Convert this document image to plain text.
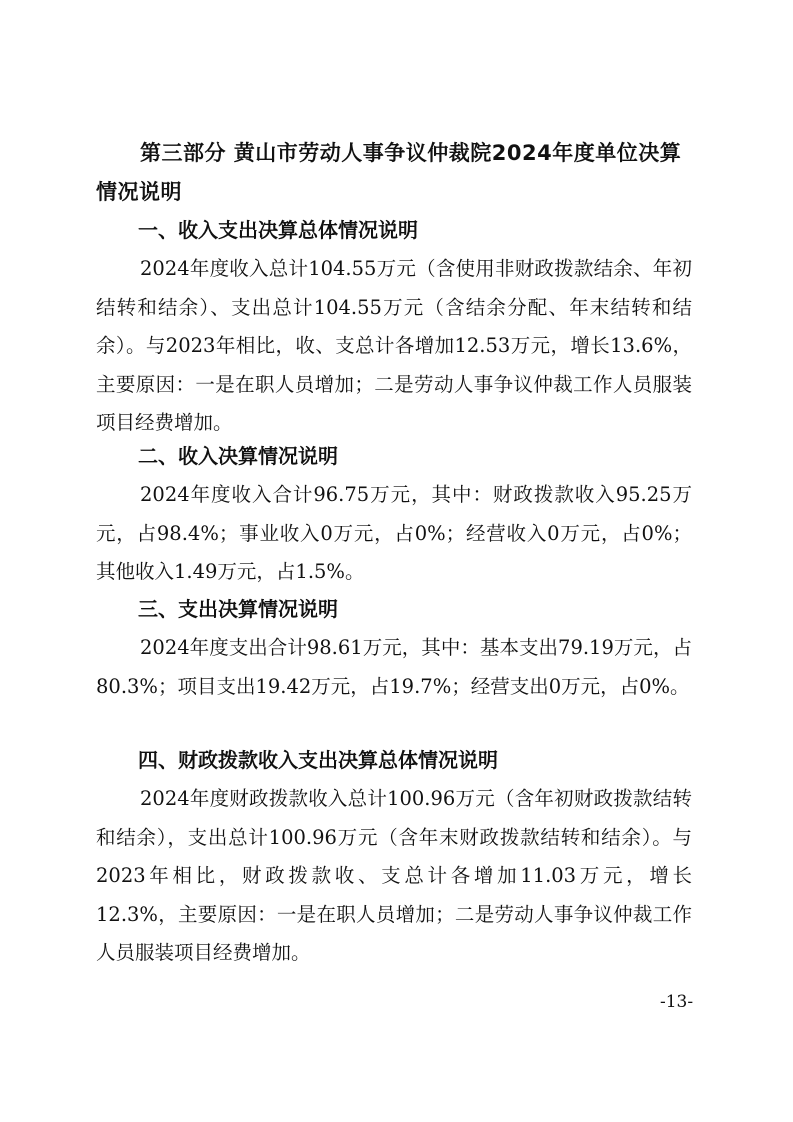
第三部分 黄山市劳动人事争议仲裁院2024年度单位决算情况说明
一、收入支出决算总体情况说明

2024年度收入总计104.55万元（含使用非财政拨款结余、年初结转和结余）、支出总计104.55万元（含结余分配、年末结转和结余）。与2023年相比，收、支总计各增加12.53万元，增长13.6%，主要原因：一是在职人员增加；二是劳动人事争议仲裁工作人员服装项目经费增加。

二、收入决算情况说明

2024年度收入合计96.75万元，其中：财政拨款收入95.25万元，占98.4%；事业收入0万元，占0%；经营收入0万元，占0%；其他收入1.49万元，占1.5%。

三、支出决算情况说明

2024年度支出合计98.61万元，其中：基本支出79.19万元，占80.3%；项目支出19.42万元，占19.7%；经营支出0万元，占0%。

四、财政拨款收入支出决算总体情况说明

2024年度财政拨款收入总计100.96万元（含年初财政拨款结转和结余），支出总计100.96万元（含年末财政拨款结转和结余）。与2023年相比，财政拨款收、支总计各增加11.03万元，增长12.3%，主要原因：一是在职人员增加；二是劳动人事争议仲裁工作人员服装项目经费增加。

-13-
